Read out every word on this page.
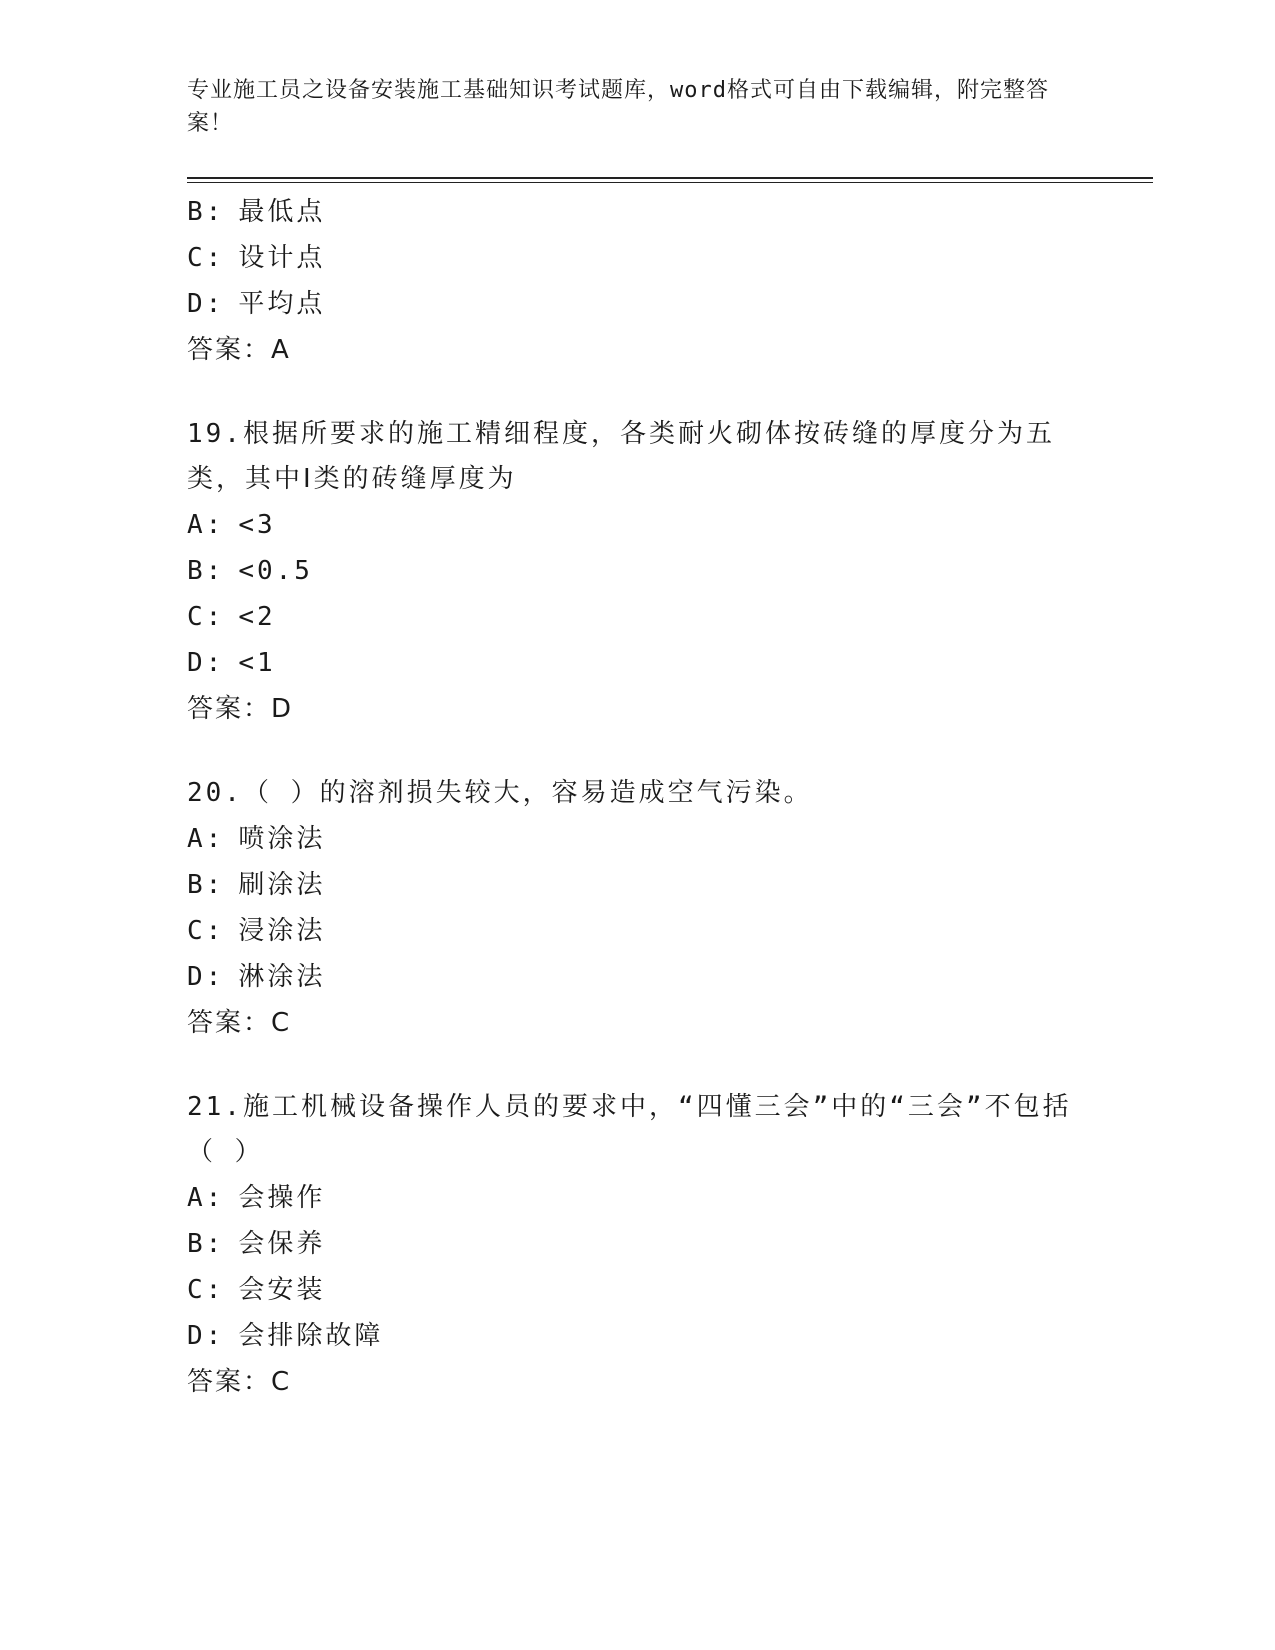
专业施工员之设备安装施工基础知识考试题库，word格式可自由下载编辑，附完整答案！
B: 最低点
C: 设计点
D: 平均点
答案：A
19.根据所要求的施工精细程度，各类耐火砌体按砖缝的厚度分为五类，其中Ⅰ类的砖缝厚度为
A: <3
B: <0.5
C: <2
D: <1
答案：D
20.（ ）的溶剂损失较大，容易造成空气污染。
A: 喷涂法
B: 刷涂法
C: 浸涂法
D: 淋涂法
答案：C
21.施工机械设备操作人员的要求中，“四懂三会”中的“三会”不包括（ ）
A: 会操作
B: 会保养
C: 会安装
D: 会排除故障
答案：C
